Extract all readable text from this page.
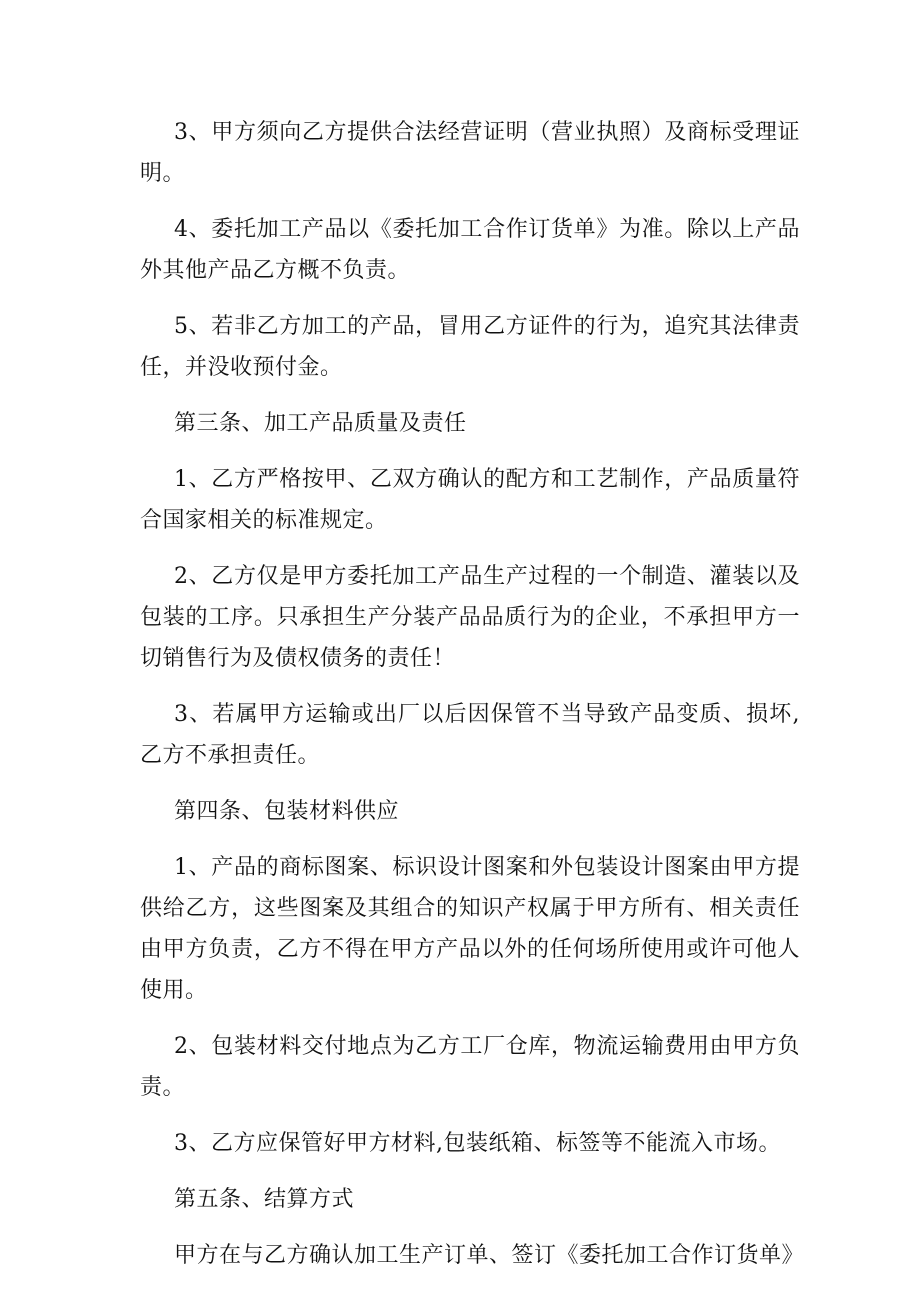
3、甲方须向乙方提供合法经营证明（营业执照）及商标受理证明。

4、委托加工产品以《委托加工合作订货单》为准。除以上产品外其他产品乙方概不负责。

5、若非乙方加工的产品，冒用乙方证件的行为，追究其法律责任，并没收预付金。

第三条、加工产品质量及责任

1、乙方严格按甲、乙双方确认的配方和工艺制作，产品质量符合国家相关的标准规定。

2、乙方仅是甲方委托加工产品生产过程的一个制造、灌装以及包装的工序。只承担生产分装产品品质行为的企业，不承担甲方一切销售行为及债权债务的责任！

3、若属甲方运输或出厂以后因保管不当导致产品变质、损坏,乙方不承担责任。

第四条、包装材料供应

1、产品的商标图案、标识设计图案和外包装设计图案由甲方提供给乙方，这些图案及其组合的知识产权属于甲方所有、相关责任由甲方负责，乙方不得在甲方产品以外的任何场所使用或许可他人使用。

2、包装材料交付地点为乙方工厂仓库，物流运输费用由甲方负责。

3、乙方应保管好甲方材料,包装纸箱、标签等不能流入市场。

第五条、结算方式

甲方在与乙方确认加工生产订单、签订《委托加工合作订货单》
